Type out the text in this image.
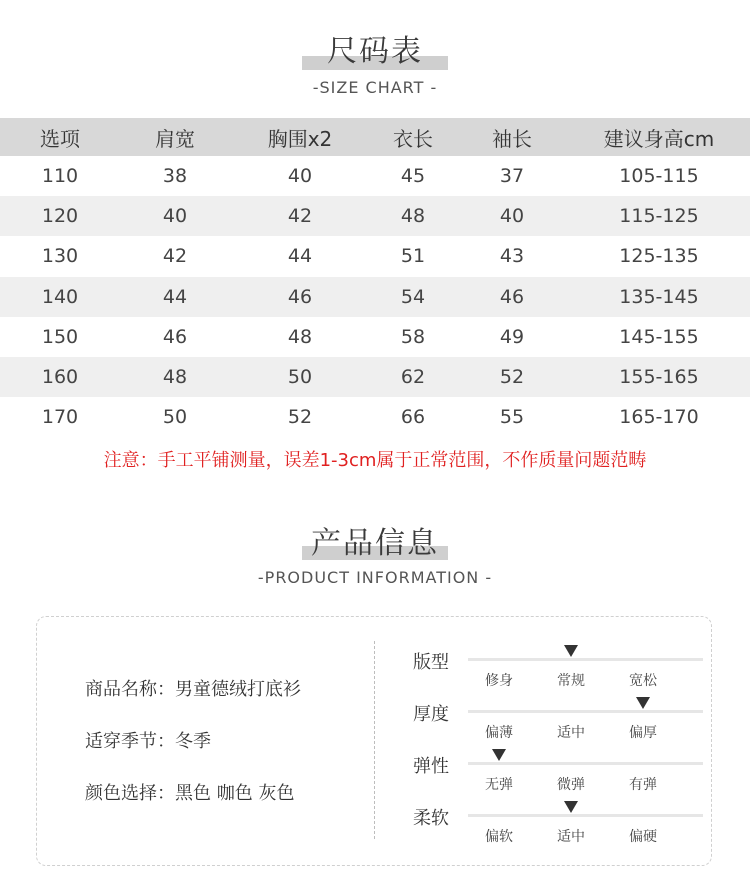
尺码表
-SIZE CHART -
选项	肩宽	胸围x2	衣长	袖长	建议身高cm
110	38	40	45	37	105-115
120	40	42	48	40	115-125
130	42	44	51	43	125-135
140	44	46	54	46	135-145
150	46	48	58	49	145-155
160	48	50	62	52	155-165
170	50	52	66	55	165-170
注意：手工平铺测量，误差1-3cm属于正常范围，不作质量问题范畴
产品信息
-PRODUCT INFORMATION -
商品名称：男童德绒打底衫
适穿季节：冬季
颜色选择：黑色 咖色 灰色
版型
修身	常规	宽松
厚度
偏薄	适中	偏厚
弹性
无弹	微弹	有弹
柔软
偏软	适中	偏硬
